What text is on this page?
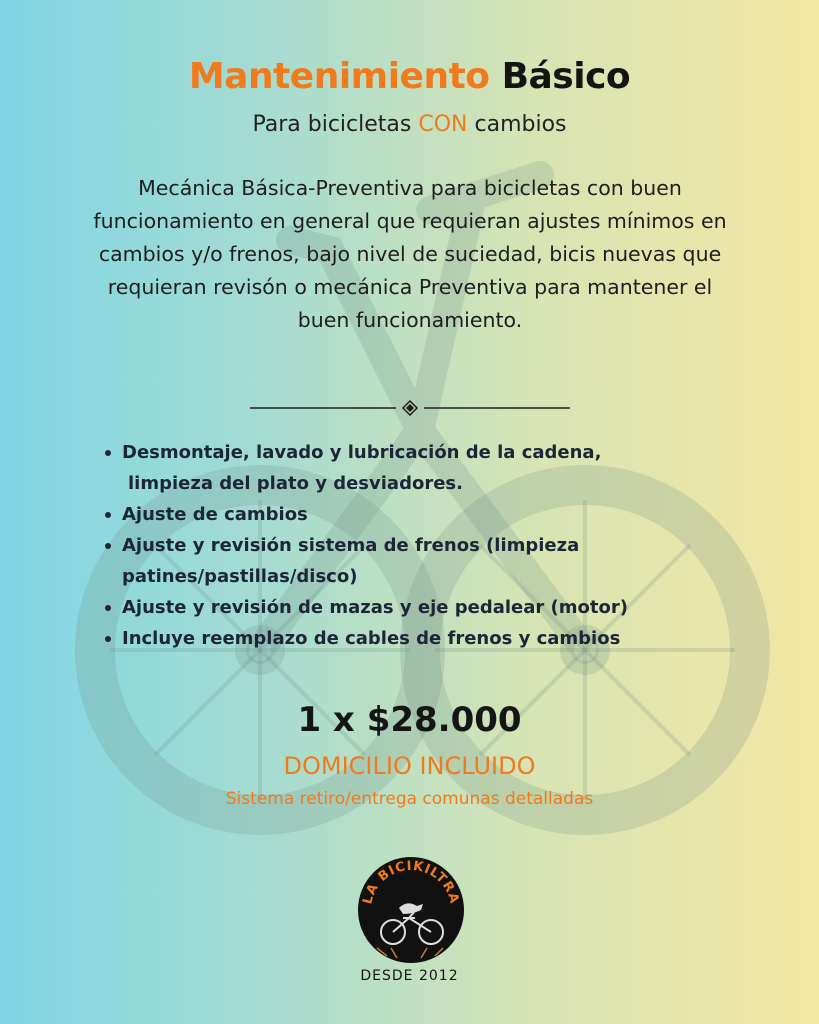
Mantenimiento Básico

Para bicicletas CON cambios

Mecánica Básica-Preventiva para bicicletas con buen funcionamiento en general que requieran ajustes mínimos en cambios y/o frenos, bajo nivel de suciedad, bicis nuevas que requieran revisón o mecánica Preventiva para mantener el buen funcionamiento.

Desmontaje, lavado y lubricación de la cadena,
limpieza del plato y desviadores.
Ajuste de cambios
Ajuste y revisión sistema de frenos (limpieza
patines/pastillas/disco)
Ajuste y revisión de mazas y eje pedalear (motor)
Incluye reemplazo de cables de frenos y cambios

1 x $28.000

DOMICILIO INCLUIDO

Sistema retiro/entrega comunas detalladas

LA BICIKILTRA

DESDE 2012
